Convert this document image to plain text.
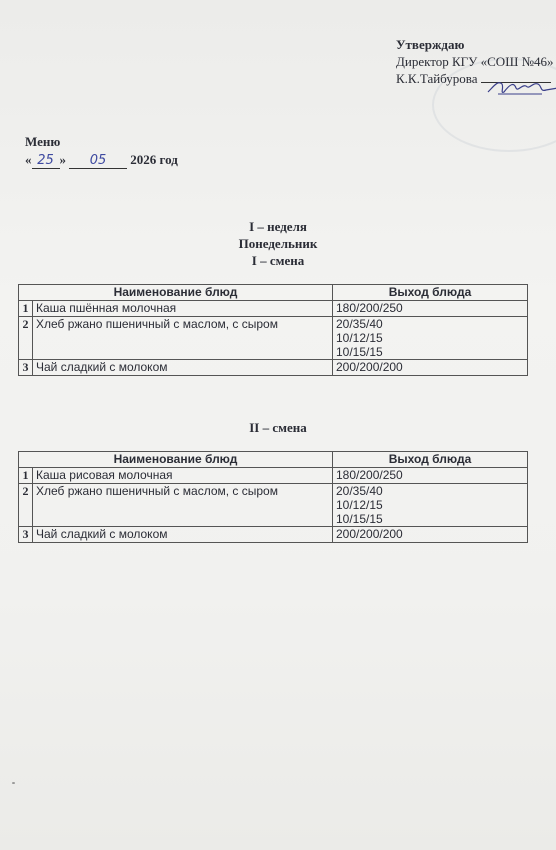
Утверждаю
Директор КГУ «СОШ №46»
К.К.Тайбурова
Меню
« 25 » 05 2026 год
I – неделя
Понедельник
I – смена
Наименование блюд		Выход блюда
1	Каша пшённая молочная	180/200/250
2	Хлеб ржано пшеничный с маслом, с сыром	20/35/40
10/12/15
10/15/15

3	Чай сладкий с молоком	200/200/200
II – смена
Наименование блюд		Выход блюда
1	Каша рисовая молочная	180/200/250
2	Хлеб ржано пшеничный с маслом, с сыром	20/35/40
10/12/15
10/15/15

3	Чай сладкий с молоком	200/200/200
